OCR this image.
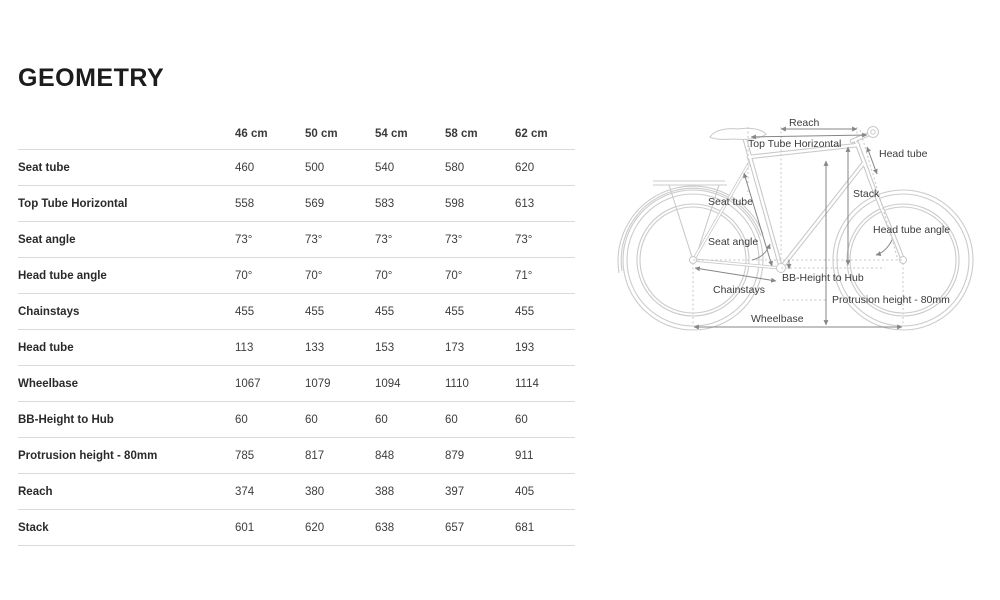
GEOMETRY
	46 cm	50 cm	54 cm	58 cm	62 cm
Seat tube	460	500	540	580	620
Top Tube Horizontal	558	569	583	598	613
Seat angle	73°	73°	73°	73°	73°
Head tube angle	70°	70°	70°	70°	71°
Chainstays	455	455	455	455	455
Head tube	113	133	153	173	193
Wheelbase	1067	1079	1094	1110	1114
BB-Height to Hub	60	60	60	60	60
Protrusion height - 80mm	785	817	848	879	911
Reach	374	380	388	397	405
Stack	601	620	638	657	681
Reach
Top Tube Horizontal
Head tube
Stack
Seat tube
Seat angle
Head tube angle
BB-Height to Hub
Chainstays
Protrusion height - 80mm
Wheelbase
